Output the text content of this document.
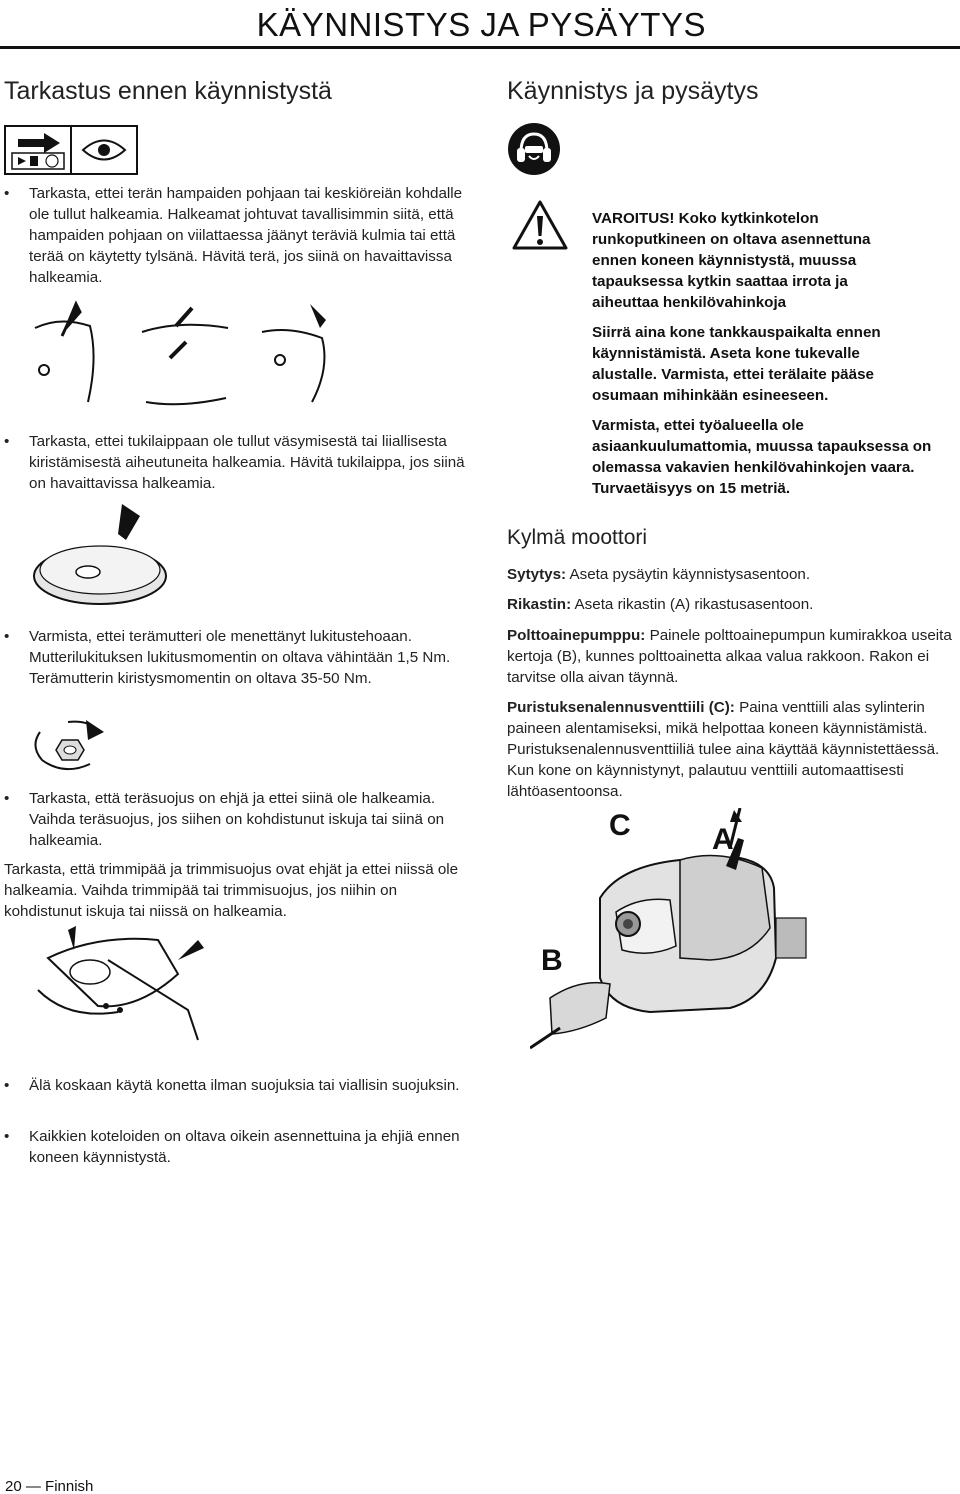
KÄYNNISTYS JA PYSÄYTYS
Tarkastus ennen käynnistystä
• Tarkasta, ettei terän hampaiden pohjaan tai keskiöreiän kohdalle ole tullut halkeamia. Halkeamat johtuvat tavallisimmin siitä, että hampaiden pohjaan on viilattaessa jäänyt teräviä kulmia tai että terää on käytetty tylsänä. Hävitä terä, jos siinä on havaittavissa halkeamia.
• Tarkasta, ettei tukilaippaan ole tullut väsymisestä tai liiallisesta kiristämisestä aiheutuneita halkeamia. Hävitä tukilaippa, jos siinä on havaittavissa halkeamia.
• Varmista, ettei terämutteri ole menettänyt lukitustehoaan. Mutterilukituksen lukitusmomentin on oltava vähintään 1,5 Nm. Terämutterin kiristysmomentin on oltava 35-50 Nm.
• Tarkasta, että teräsuojus on ehjä ja ettei siinä ole halkeamia. Vaihda teräsuojus, jos siihen on kohdistunut iskuja tai siinä on halkeamia.
Tarkasta, että trimmipää ja trimmisuojus ovat ehjät ja ettei niissä ole halkeamia. Vaihda trimmipää tai trimmisuojus, jos niihin on kohdistunut iskuja tai niissä on halkeamia.
• Älä koskaan käytä konetta ilman suojuksia tai viallisin suojuksin.
• Kaikkien koteloiden on oltava oikein asennettuina ja ehjiä ennen koneen käynnistystä.
Käynnistys ja pysäytys
VAROITUS! Koko kytkinkotelon runkoputkineen on oltava asennettuna ennen koneen käynnistystä, muussa tapauksessa kytkin saattaa irrota ja aiheuttaa henkilövahinkoja
Siirrä aina kone tankkauspaikalta ennen käynnistämistä. Aseta kone tukevalle alustalle. Varmista, ettei terälaite pääse osumaan mihinkään esineeseen.
Varmista, ettei työalueella ole asiaankuulumattomia, muussa tapauksessa on olemassa vakavien henkilövahinkojen vaara. Turvaetäisyys on 15 metriä.
Kylmä moottori
Sytytys: Aseta pysäytin käynnistysasentoon.
Rikastin: Aseta rikastin (A) rikastusasentoon.
Polttoainepumppu: Painele polttoainepumpun kumirakkoa useita kertoja (B), kunnes polttoainetta alkaa valua rakkoon. Rakon ei tarvitse olla aivan täynnä.
Puristuksenalennusventtiili (C): Paina venttiili alas sylinterin paineen alentamiseksi, mikä helpottaa koneen käynnistämistä. Puristuksenalennusventtiiliä tulee aina käyttää käynnistettäessä. Kun kone on käynnistynyt, palautuu venttiili automaattisesti lähtöasentoonsa.
C	A
B
20 — Finnish
